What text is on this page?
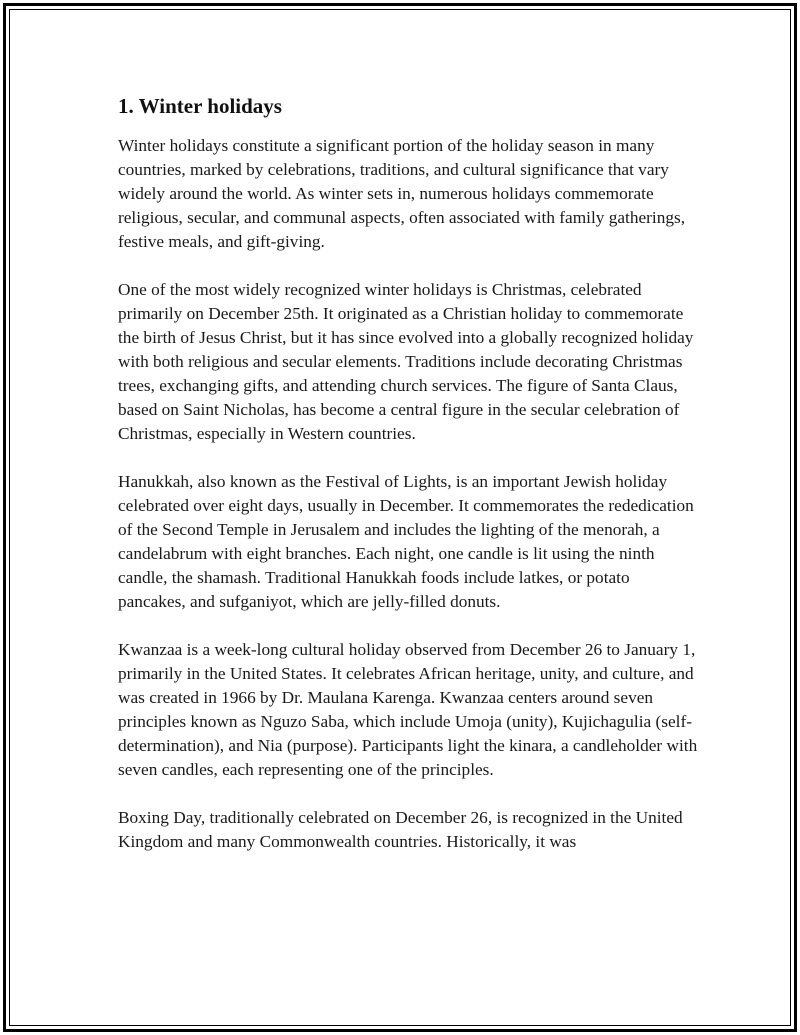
1. Winter holidays

Winter holidays constitute a significant portion of the holiday season in many countries, marked by celebrations, traditions, and cultural significance that vary widely around the world. As winter sets in, numerous holidays commemorate religious, secular, and communal aspects, often associated with family gatherings, festive meals, and gift-giving.

One of the most widely recognized winter holidays is Christmas, celebrated primarily on December 25th. It originated as a Christian holiday to commemorate the birth of Jesus Christ, but it has since evolved into a globally recognized holiday with both religious and secular elements. Traditions include decorating Christmas trees, exchanging gifts, and attending church services. The figure of Santa Claus, based on Saint Nicholas, has become a central figure in the secular celebration of Christmas, especially in Western countries.

Hanukkah, also known as the Festival of Lights, is an important Jewish holiday celebrated over eight days, usually in December. It commemorates the rededication of the Second Temple in Jerusalem and includes the lighting of the menorah, a candelabrum with eight branches. Each night, one candle is lit using the ninth candle, the shamash. Traditional Hanukkah foods include latkes, or potato pancakes, and sufganiyot, which are jelly-filled donuts.

Kwanzaa is a week-long cultural holiday observed from December 26 to January 1, primarily in the United States. It celebrates African heritage, unity, and culture, and was created in 1966 by Dr. Maulana Karenga. Kwanzaa centers around seven principles known as Nguzo Saba, which include Umoja (unity), Kujichagulia (self-determination), and Nia (purpose). Participants light the kinara, a candleholder with seven candles, each representing one of the principles.

Boxing Day, traditionally celebrated on December 26, is recognized in the United Kingdom and many Commonwealth countries. Historically, it was
